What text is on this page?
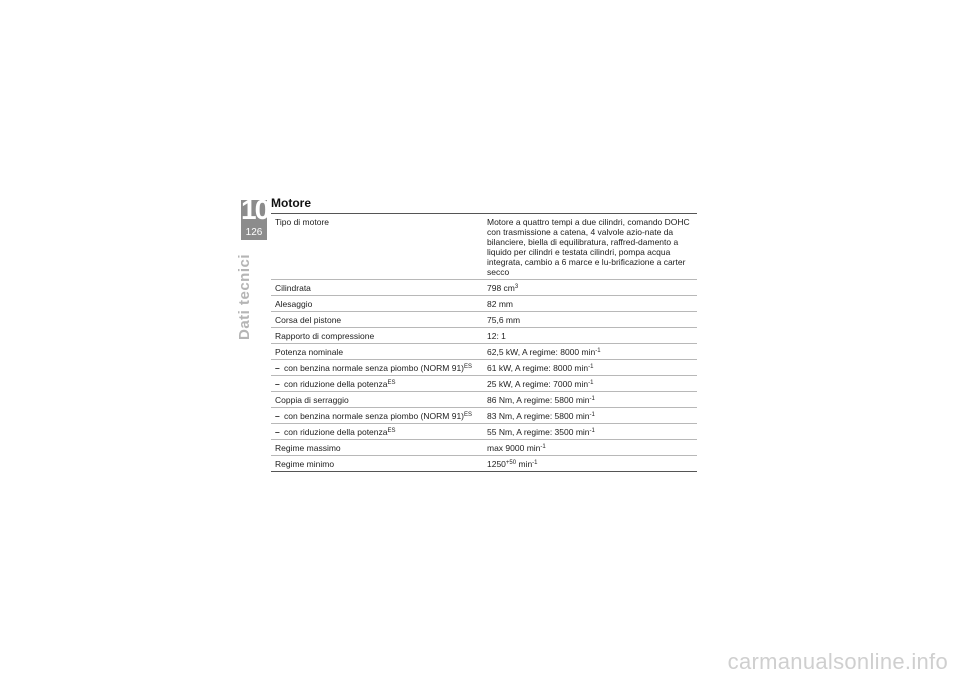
10
126
Dati tecnici
Motore
Tipo di motore	Motore a quattro tempi a due cilindri, comando DOHC con trasmissione a catena, 4 valvole azio-nate da bilanciere, biella di equilibratura, raffred-damento a liquido per cilindri e testata cilindri, pompa acqua integrata, cambio a 6 marce e lu-brificazione a carter secco
Cilindrata	798 $cm^3$
Alesaggio	82 mm
Corsa del pistone	75,6 mm
Rapporto di compressione	12: 1
Potenza nominale	62,5 kW, A regime: 8000 $\min^{-1}$

– con benzina normale senza piombo (NORM 91)$^{ES}$	61 kW, A regime: 8000 $\min^{-1}$

– con riduzione della potenza$^{ES}$	25 kW, A regime: 7000 $\min^{-1}$
Coppia di serraggio	86 Nm, A regime: 5800 $\min^{-1}$

– con benzina normale senza piombo (NORM 91)$^{ES}$	83 Nm, A regime: 5800 $\min^{-1}$

– con riduzione della potenza$^{ES}$	55 Nm, A regime: 3500 $\min^{-1}$
Regime massimo	max 9000 $\min^{-1}$
Regime minimo	$1250^{+50}$ $\min^{-1}$
carmanualsonline.info
